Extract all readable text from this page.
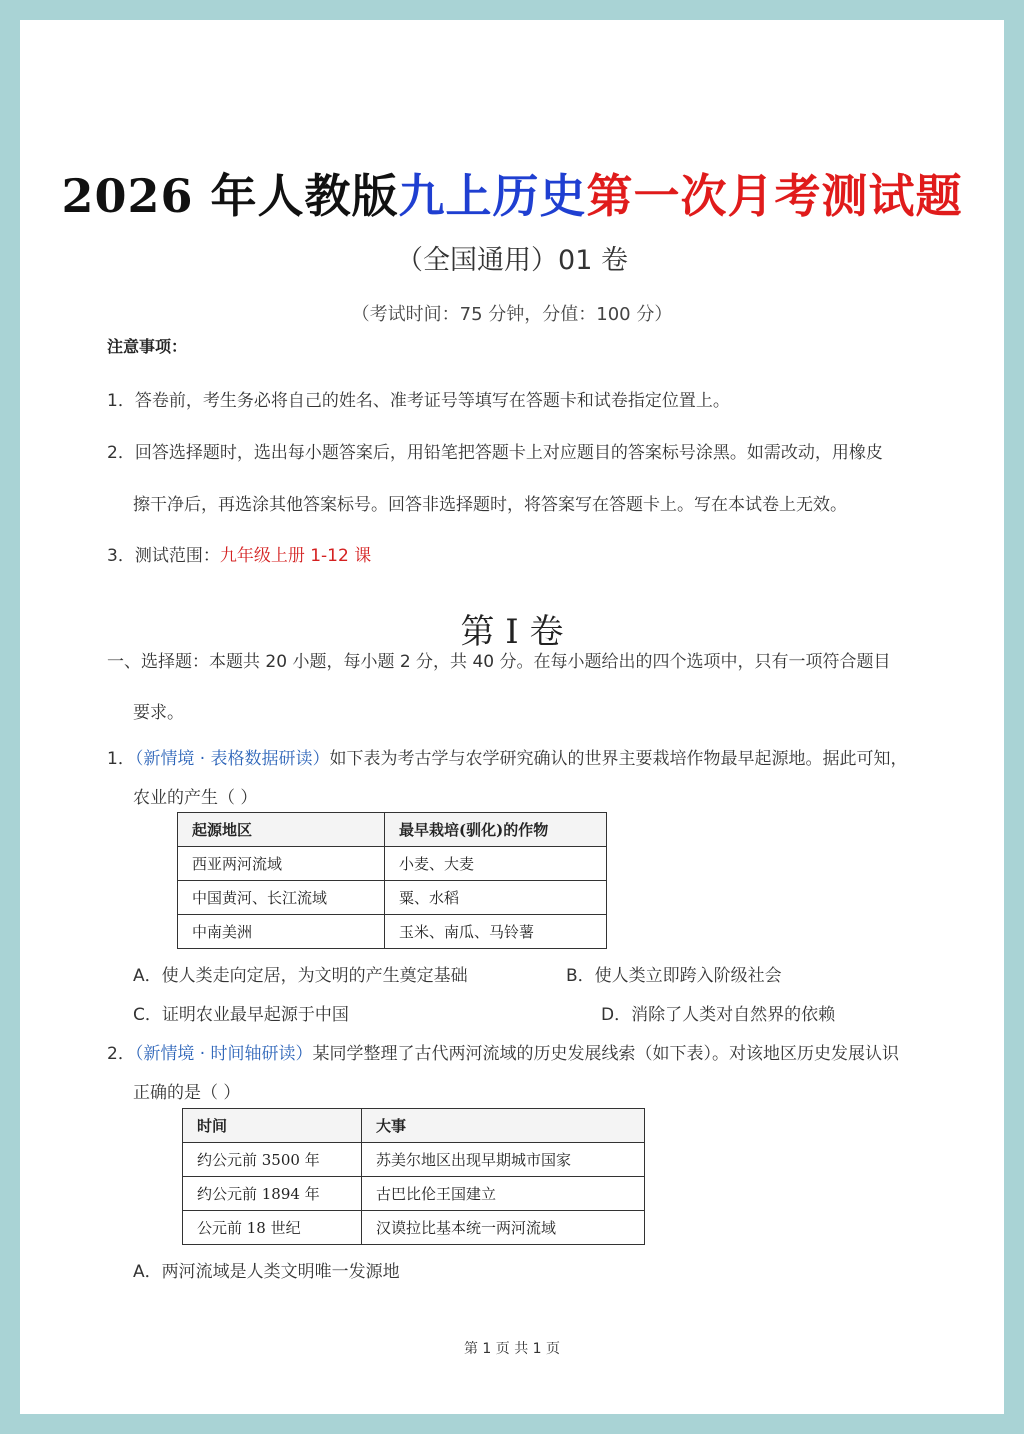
2026 年人教版九上历史第一次月考测试题
（全国通用）01 卷
（考试时间：75 分钟，分值：100 分）
注意事项：
1．答卷前，考生务必将自己的姓名、准考证号等填写在答题卡和试卷指定位置上。
2．回答选择题时，选出每小题答案后，用铅笔把答题卡上对应题目的答案标号涂黑。如需改动，用橡皮
擦干净后，再选涂其他答案标号。回答非选择题时，将答案写在答题卡上。写在本试卷上无效。
3．测试范围：九年级上册 1-12 课
第 I 卷
一、选择题：本题共 20 小题，每小题 2 分，共 40 分。在每小题给出的四个选项中，只有一项符合题目
要求。
1．（新情境 · 表格数据研读）如下表为考古学与农学研究确认的世界主要栽培作物最早起源地。据此可知，
农业的产生（ ）
起源地区	最早栽培(驯化)的作物
西亚两河流域	小麦、大麦
中国黄河、长江流域	粟、水稻
中南美洲	玉米、南瓜、马铃薯
A．使人类走向定居，为文明的产生奠定基础	B．使人类立即跨入阶级社会
C．证明农业最早起源于中国	D．消除了人类对自然界的依赖
2．（新情境 · 时间轴研读）某同学整理了古代两河流域的历史发展线索（如下表）。对该地区历史发展认识
正确的是（ ）
时间	大事
约公元前 3500 年	苏美尔地区出现早期城市国家
约公元前 1894 年	古巴比伦王国建立
公元前 18 世纪	汉谟拉比基本统一两河流域
A．两河流域是人类文明唯一发源地
第 1 页 共 1 页
